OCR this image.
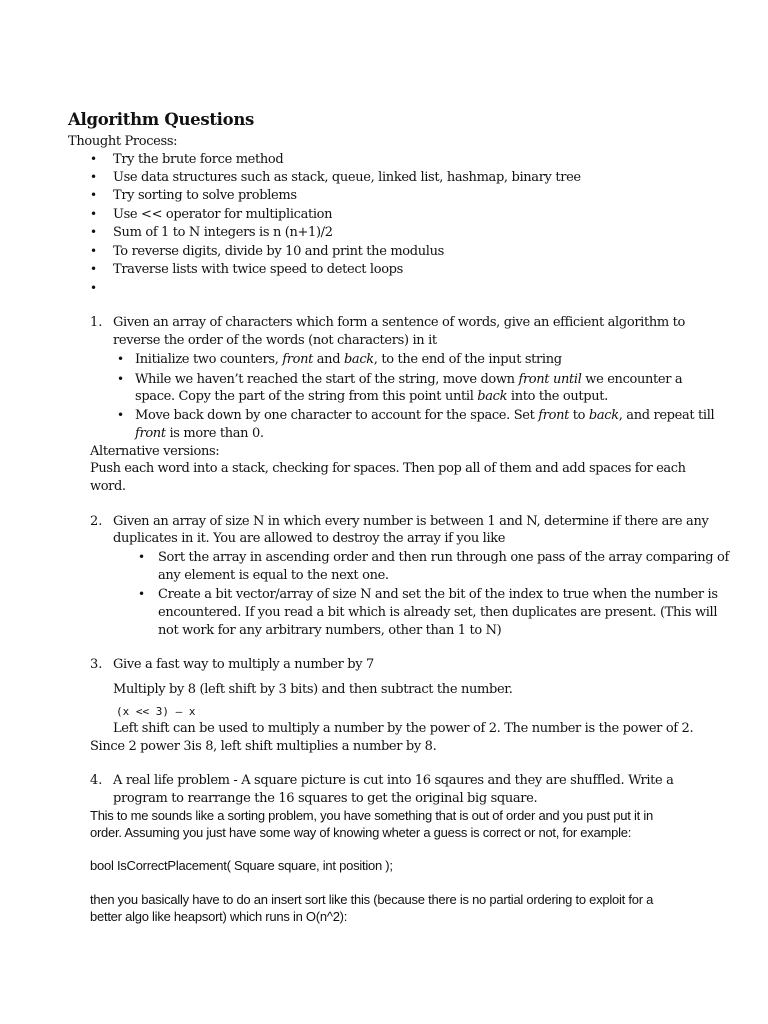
Algorithm Questions
Thought Process:
• Try the brute force method
• Use data structures such as stack, queue, linked list, hashmap, binary tree
• Try sorting to solve problems
• Use << operator for multiplication
• Sum of 1 to N integers is n (n+1)/2
• To reverse digits, divide by 10 and print the modulus
• Traverse lists with twice speed to detect loops
•
1. Given an array of characters which form a sentence of words, give an efficient algorithm to
reverse the order of the words (not characters) in it
• Initialize two counters, front and back, to the end of the input string
• While we haven’t reached the start of the string, move down front until we encounter a
space. Copy the part of the string from this point until back into the output.
• Move back down by one character to account for the space. Set front to back, and repeat till
front is more than 0.
Alternative versions:
Push each word into a stack, checking for spaces. Then pop all of them and add spaces for each
word.
2. Given an array of size N in which every number is between 1 and N, determine if there are any
duplicates in it. You are allowed to destroy the array if you like
• Sort the array in ascending order and then run through one pass of the array comparing of
any element is equal to the next one.
• Create a bit vector/array of size N and set the bit of the index to true when the number is
encountered. If you read a bit which is already set, then duplicates are present. (This will
not work for any arbitrary numbers, other than 1 to N)
3. Give a fast way to multiply a number by 7
Multiply by 8 (left shift by 3 bits) and then subtract the number.
(x << 3) – x
Left shift can be used to multiply a number by the power of 2. The number is the power of 2.
Since 2 power 3is 8, left shift multiplies a number by 8.
4. A real life problem - A square picture is cut into 16 sqaures and they are shuffled. Write a
program to rearrange the 16 squares to get the original big square.
This to me sounds like a sorting problem, you have something that is out of order and you pust put it in
order. Assuming you just have some way of knowing wheter a guess is correct or not, for example:
bool IsCorrectPlacement( Square square, int position );
then you basically have to do an insert sort like this (because there is no partial ordering to exploit for a
better algo like heapsort) which runs in O(n^2):
